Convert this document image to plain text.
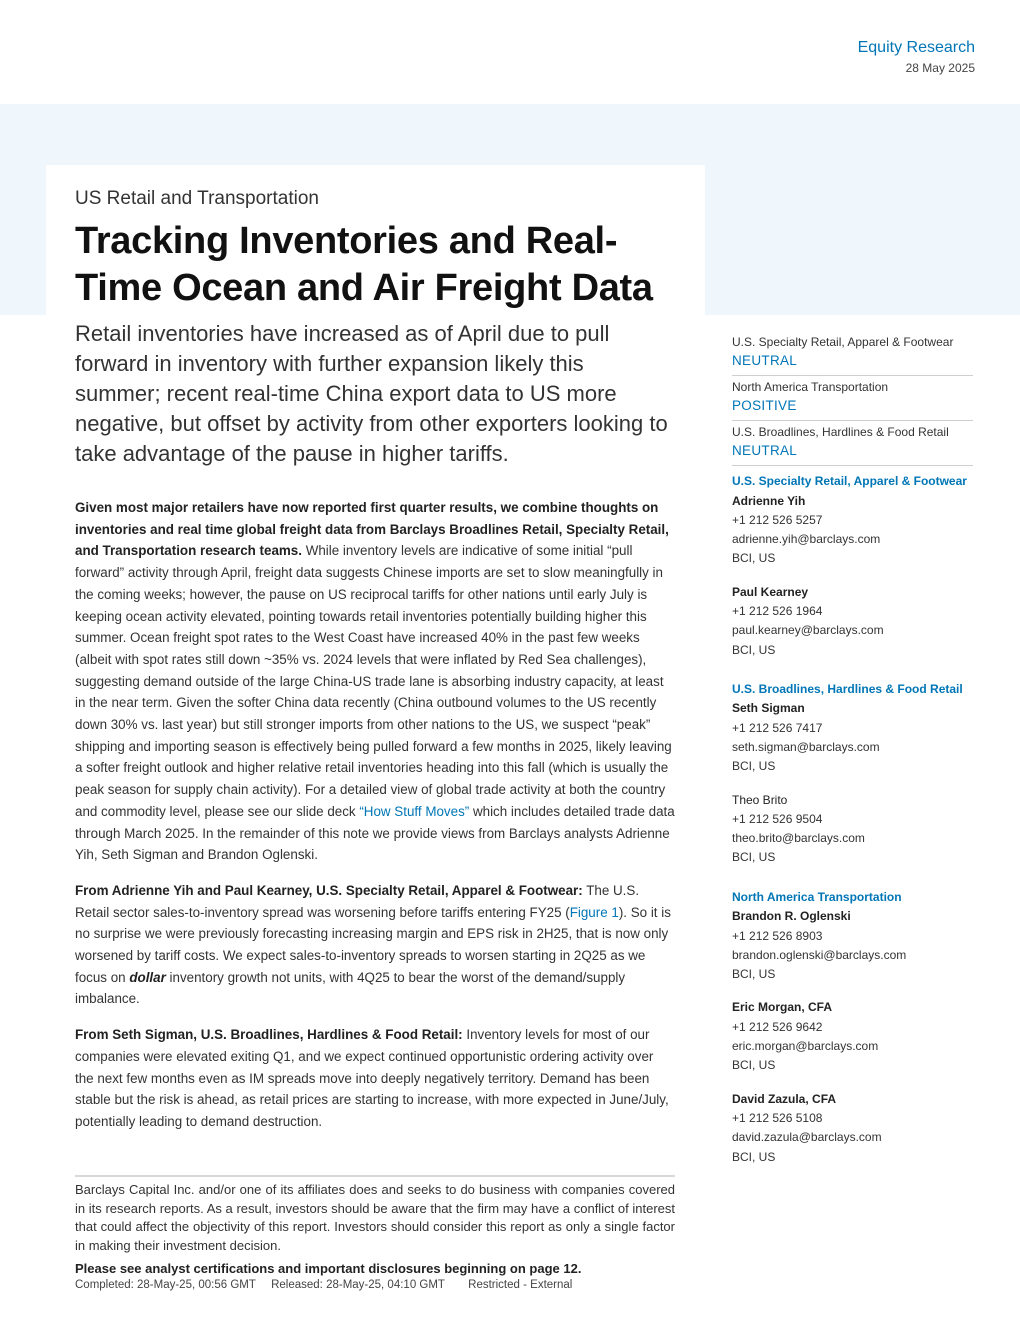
Equity Research
28 May 2025
US Retail and Transportation
Tracking Inventories and Real-Time Ocean and Air Freight Data

Retail inventories have increased as of April due to pull forward in inventory with further expansion likely this summer; recent real-time China export data to US more negative, but offset by activity from other exporters looking to take advantage of the pause in higher tariffs.

Given most major retailers have now reported first quarter results, we combine thoughts on inventories and real time global freight data from Barclays Broadlines Retail, Specialty Retail, and Transportation research teams. While inventory levels are indicative of some initial “pull forward” activity through April, freight data suggests Chinese imports are set to slow meaningfully in the coming weeks; however, the pause on US reciprocal tariffs for other nations until early July is keeping ocean activity elevated, pointing towards retail inventories potentially building higher this summer. Ocean freight spot rates to the West Coast have increased 40% in the past few weeks (albeit with spot rates still down ~35% vs. 2024 levels that were inflated by Red Sea challenges), suggesting demand outside of the large China-US trade lane is absorbing industry capacity, at least in the near term. Given the softer China data recently (China outbound volumes to the US recently down 30% vs. last year) but still stronger imports from other nations to the US, we suspect “peak” shipping and importing season is effectively being pulled forward a few months in 2025, likely leaving a softer freight outlook and higher relative retail inventories heading into this fall (which is usually the peak season for supply chain activity). For a detailed view of global trade activity at both the country and commodity level, please see our slide deck “How Stuff Moves” which includes detailed trade data through March 2025. In the remainder of this note we provide views from Barclays analysts Adrienne Yih, Seth Sigman and Brandon Oglenski.

From Adrienne Yih and Paul Kearney, U.S. Specialty Retail, Apparel & Footwear: The U.S. Retail sector sales-to-inventory spread was worsening before tariffs entering FY25 (Figure 1). So it is no surprise we were previously forecasting increasing margin and EPS risk in 2H25, that is now only worsened by tariff costs. We expect sales-to-inventory spreads to worsen starting in 2Q25 as we focus on dollar inventory growth not units, with 4Q25 to bear the worst of the demand/supply imbalance.

From Seth Sigman, U.S. Broadlines, Hardlines & Food Retail: Inventory levels for most of our companies were elevated exiting Q1, and we expect continued opportunistic ordering activity over the next few months even as IM spreads move into deeply negatively territory. Demand has been stable but the risk is ahead, as retail prices are starting to increase, with more expected in June/July, potentially leading to demand destruction.

Barclays Capital Inc. and/or one of its affiliates does and seeks to do business with companies covered in its research reports. As a result, investors should be aware that the firm may have a conflict of interest that could affect the objectivity of this report. Investors should consider this report as only a single factor in making their investment decision.
Please see analyst certifications and important disclosures beginning on page 12.
Completed: 28-May-25, 00:56 GMT Released: 28-May-25, 04:10 GMT Restricted - External
U.S. Specialty Retail, Apparel & Footwear
NEUTRAL
North America Transportation
POSITIVE
U.S. Broadlines, Hardlines & Food Retail
NEUTRAL
U.S. Specialty Retail, Apparel & Footwear
Adrienne Yih
+1 212 526 5257
adrienne.yih@barclays.com
BCI, US
Paul Kearney
+1 212 526 1964
paul.kearney@barclays.com
BCI, US
U.S. Broadlines, Hardlines & Food Retail
Seth Sigman
+1 212 526 7417
seth.sigman@barclays.com
BCI, US
Theo Brito
+1 212 526 9504
theo.brito@barclays.com
BCI, US
North America Transportation
Brandon R. Oglenski
+1 212 526 8903
brandon.oglenski@barclays.com
BCI, US
Eric Morgan, CFA
+1 212 526 9642
eric.morgan@barclays.com
BCI, US
David Zazula, CFA
+1 212 526 5108
david.zazula@barclays.com
BCI, US
